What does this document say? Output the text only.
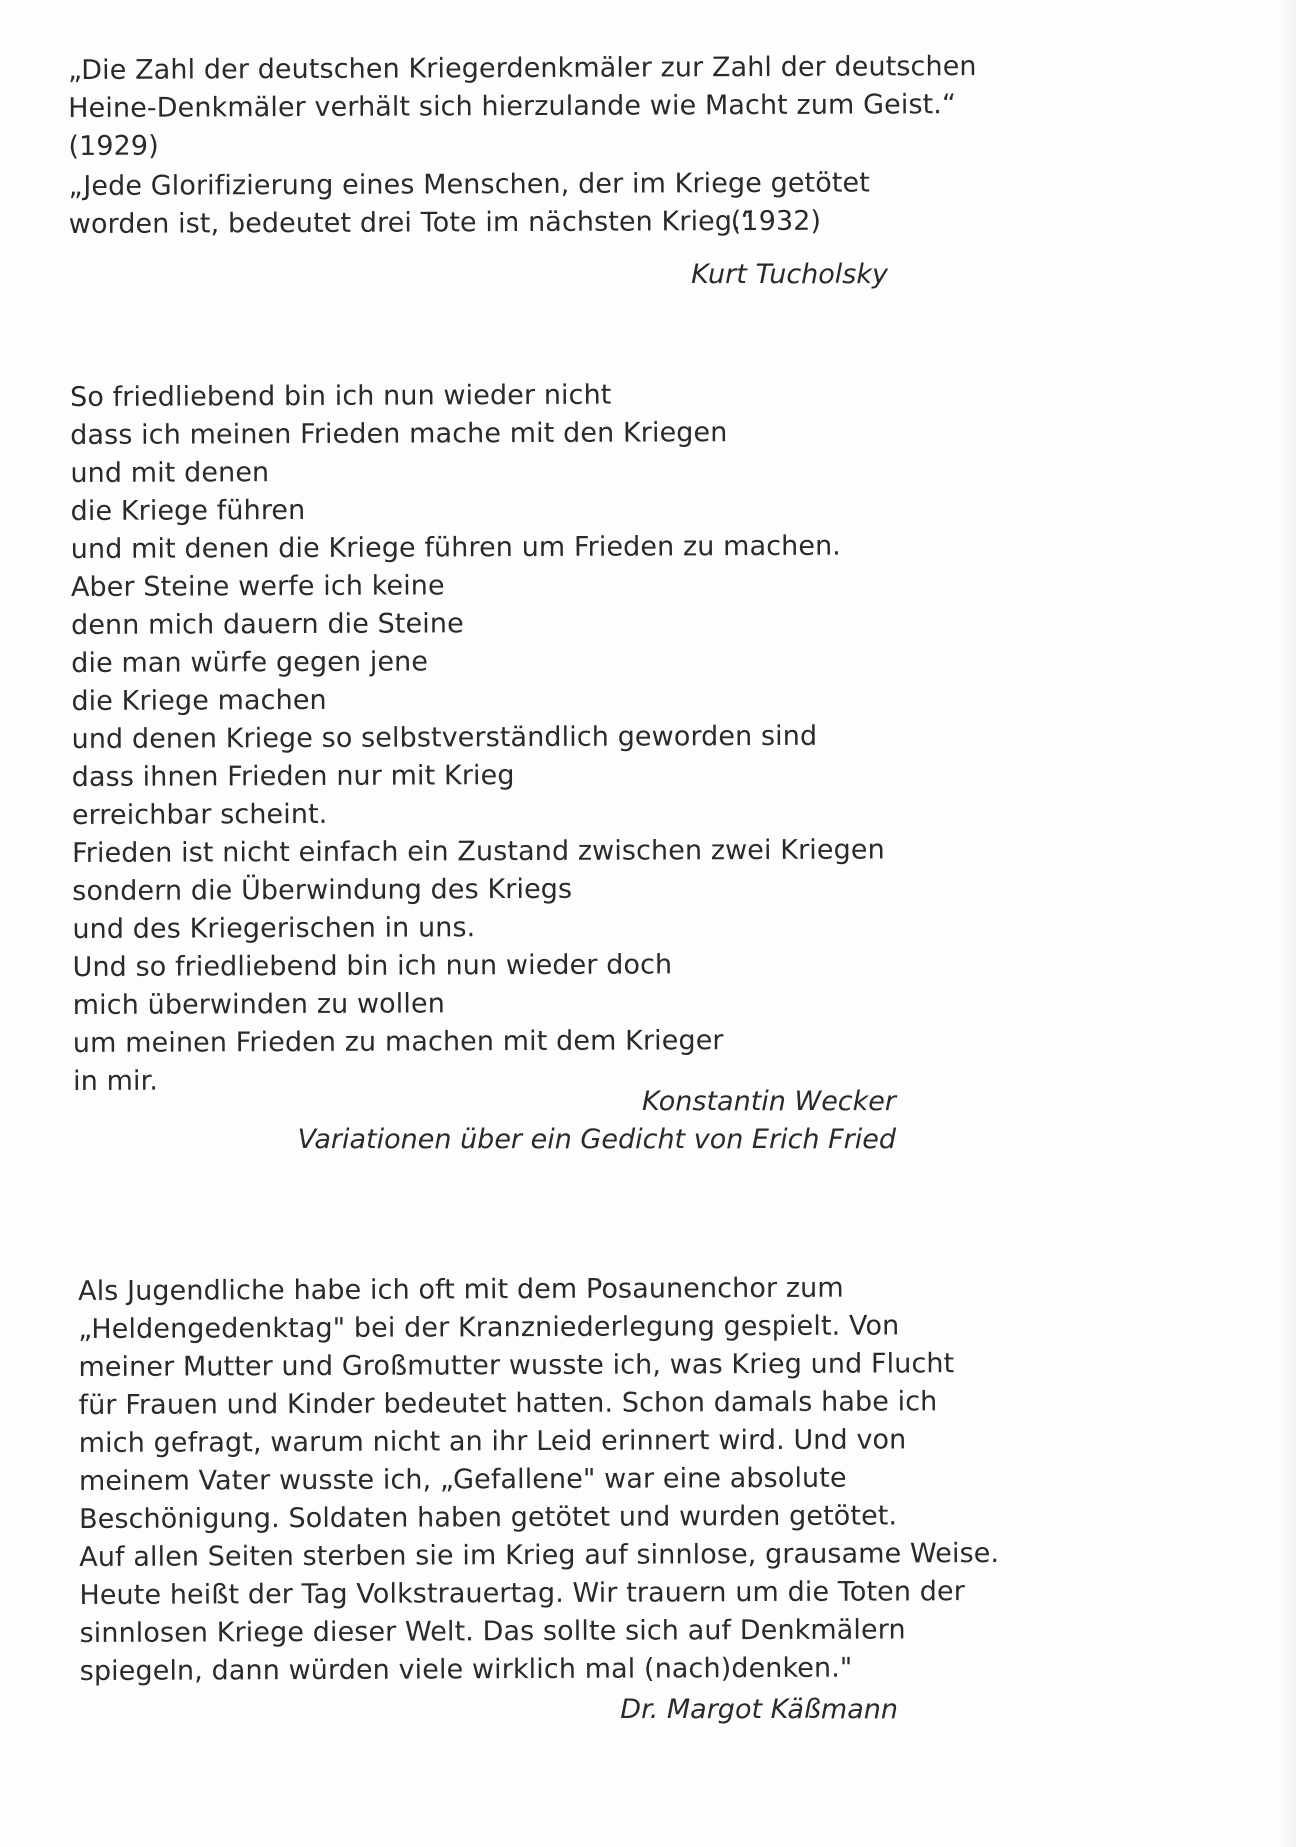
„Die Zahl der deutschen Kriegerdenkmäler zur Zahl der deutschen
Heine-Denkmäler verhält sich hierzulande wie Macht zum Geist.“
(1929)
„Jede Glorifizierung eines Menschen, der im Kriege getötet
worden ist, bedeutet drei Tote im nächsten Krieg.“
(1932)
Kurt Tucholsky
So friedliebend bin ich nun wieder nicht
dass ich meinen Frieden mache mit den Kriegen
und mit denen
die Kriege führen
und mit denen die Kriege führen um Frieden zu machen.
Aber Steine werfe ich keine
denn mich dauern die Steine
die man würfe gegen jene
die Kriege machen
und denen Kriege so selbstverständlich geworden sind
dass ihnen Frieden nur mit Krieg
erreichbar scheint.
Frieden ist nicht einfach ein Zustand zwischen zwei Kriegen
sondern die Überwindung des Kriegs
und des Kriegerischen in uns.
Und so friedliebend bin ich nun wieder doch
mich überwinden zu wollen
um meinen Frieden zu machen mit dem Krieger
in mir.
Konstantin Wecker
Variationen über ein Gedicht von Erich Fried
Als Jugendliche habe ich oft mit dem Posaunenchor zum
„Heldengedenktag" bei der Kranzniederlegung gespielt. Von
meiner Mutter und Großmutter wusste ich, was Krieg und Flucht
für Frauen und Kinder bedeutet hatten. Schon damals habe ich
mich gefragt, warum nicht an ihr Leid erinnert wird. Und von
meinem Vater wusste ich, „Gefallene" war eine absolute
Beschönigung. Soldaten haben getötet und wurden getötet.
Auf allen Seiten sterben sie im Krieg auf sinnlose, grausame Weise.
Heute heißt der Tag Volkstrauertag. Wir trauern um die Toten der
sinnlosen Kriege dieser Welt. Das sollte sich auf Denkmälern
spiegeln, dann würden viele wirklich mal (nach)denken."
Dr. Margot Käßmann
